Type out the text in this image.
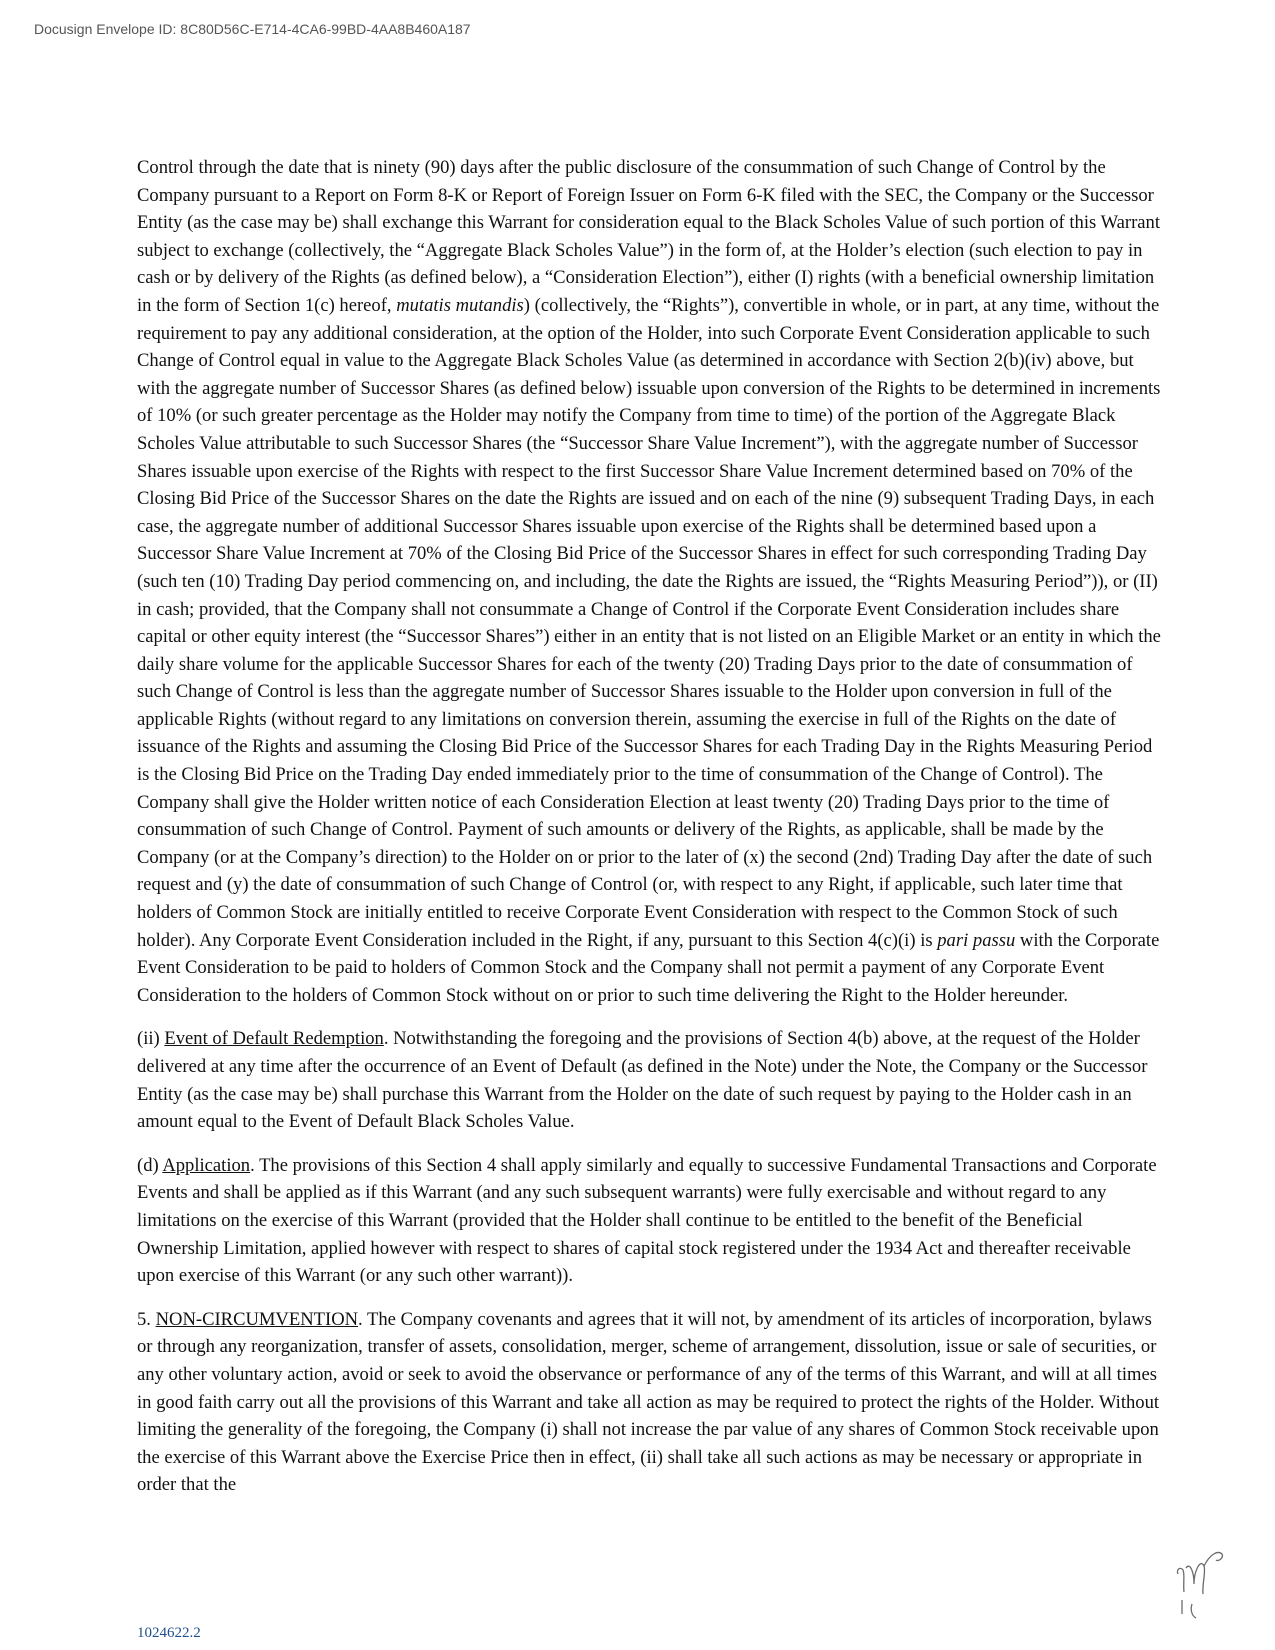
Docusign Envelope ID: 8C80D56C-E714-4CA6-99BD-4AA8B460A187

Control through the date that is ninety (90) days after the public disclosure of the consummation of such Change of Control by the Company pursuant to a Report on Form 8-K or Report of Foreign Issuer on Form 6-K filed with the SEC, the Company or the Successor Entity (as the case may be) shall exchange this Warrant for consideration equal to the Black Scholes Value of such portion of this Warrant subject to exchange (collectively, the “Aggregate Black Scholes Value”) in the form of, at the Holder’s election (such election to pay in cash or by delivery of the Rights (as defined below), a “Consideration Election”), either (I) rights (with a beneficial ownership limitation in the form of Section 1(c) hereof, mutatis mutandis) (collectively, the “Rights”), convertible in whole, or in part, at any time, without the requirement to pay any additional consideration, at the option of the Holder, into such Corporate Event Consideration applicable to such Change of Control equal in value to the Aggregate Black Scholes Value (as determined in accordance with Section 2(b)(iv) above, but with the aggregate number of Successor Shares (as defined below) issuable upon conversion of the Rights to be determined in increments of 10% (or such greater percentage as the Holder may notify the Company from time to time) of the portion of the Aggregate Black Scholes Value attributable to such Successor Shares (the “Successor Share Value Increment”), with the aggregate number of Successor Shares issuable upon exercise of the Rights with respect to the first Successor Share Value Increment determined based on 70% of the Closing Bid Price of the Successor Shares on the date the Rights are issued and on each of the nine (9) subsequent Trading Days, in each case, the aggregate number of additional Successor Shares issuable upon exercise of the Rights shall be determined based upon a Successor Share Value Increment at 70% of the Closing Bid Price of the Successor Shares in effect for such corresponding Trading Day (such ten (10) Trading Day period commencing on, and including, the date the Rights are issued, the “Rights Measuring Period”)), or (II) in cash; provided, that the Company shall not consummate a Change of Control if the Corporate Event Consideration includes share capital or other equity interest (the “Successor Shares”) either in an entity that is not listed on an Eligible Market or an entity in which the daily share volume for the applicable Successor Shares for each of the twenty (20) Trading Days prior to the date of consummation of such Change of Control is less than the aggregate number of Successor Shares issuable to the Holder upon conversion in full of the applicable Rights (without regard to any limitations on conversion therein, assuming the exercise in full of the Rights on the date of issuance of the Rights and assuming the Closing Bid Price of the Successor Shares for each Trading Day in the Rights Measuring Period is the Closing Bid Price on the Trading Day ended immediately prior to the time of consummation of the Change of Control). The Company shall give the Holder written notice of each Consideration Election at least twenty (20) Trading Days prior to the time of consummation of such Change of Control. Payment of such amounts or delivery of the Rights, as applicable, shall be made by the Company (or at the Company’s direction) to the Holder on or prior to the later of (x) the second (2nd) Trading Day after the date of such request and (y) the date of consummation of such Change of Control (or, with respect to any Right, if applicable, such later time that holders of Common Stock are initially entitled to receive Corporate Event Consideration with respect to the Common Stock of such holder). Any Corporate Event Consideration included in the Right, if any, pursuant to this Section 4(c)(i) is pari passu with the Corporate Event Consideration to be paid to holders of Common Stock and the Company shall not permit a payment of any Corporate Event Consideration to the holders of Common Stock without on or prior to such time delivering the Right to the Holder hereunder.

(ii) Event of Default Redemption. Notwithstanding the foregoing and the provisions of Section 4(b) above, at the request of the Holder delivered at any time after the occurrence of an Event of Default (as defined in the Note) under the Note, the Company or the Successor Entity (as the case may be) shall purchase this Warrant from the Holder on the date of such request by paying to the Holder cash in an amount equal to the Event of Default Black Scholes Value.

(d) Application. The provisions of this Section 4 shall apply similarly and equally to successive Fundamental Transactions and Corporate Events and shall be applied as if this Warrant (and any such subsequent warrants) were fully exercisable and without regard to any limitations on the exercise of this Warrant (provided that the Holder shall continue to be entitled to the benefit of the Beneficial Ownership Limitation, applied however with respect to shares of capital stock registered under the 1934 Act and thereafter receivable upon exercise of this Warrant (or any such other warrant)).

5. NON-CIRCUMVENTION. The Company covenants and agrees that it will not, by amendment of its articles of incorporation, bylaws or through any reorganization, transfer of assets, consolidation, merger, scheme of arrangement, dissolution, issue or sale of securities, or any other voluntary action, avoid or seek to avoid the observance or performance of any of the terms of this Warrant, and will at all times in good faith carry out all the provisions of this Warrant and take all action as may be required to protect the rights of the Holder. Without limiting the generality of the foregoing, the Company (i) shall not increase the par value of any shares of Common Stock receivable upon the exercise of this Warrant above the Exercise Price then in effect, (ii) shall take all such actions as may be necessary or appropriate in order that the

1024622.2
